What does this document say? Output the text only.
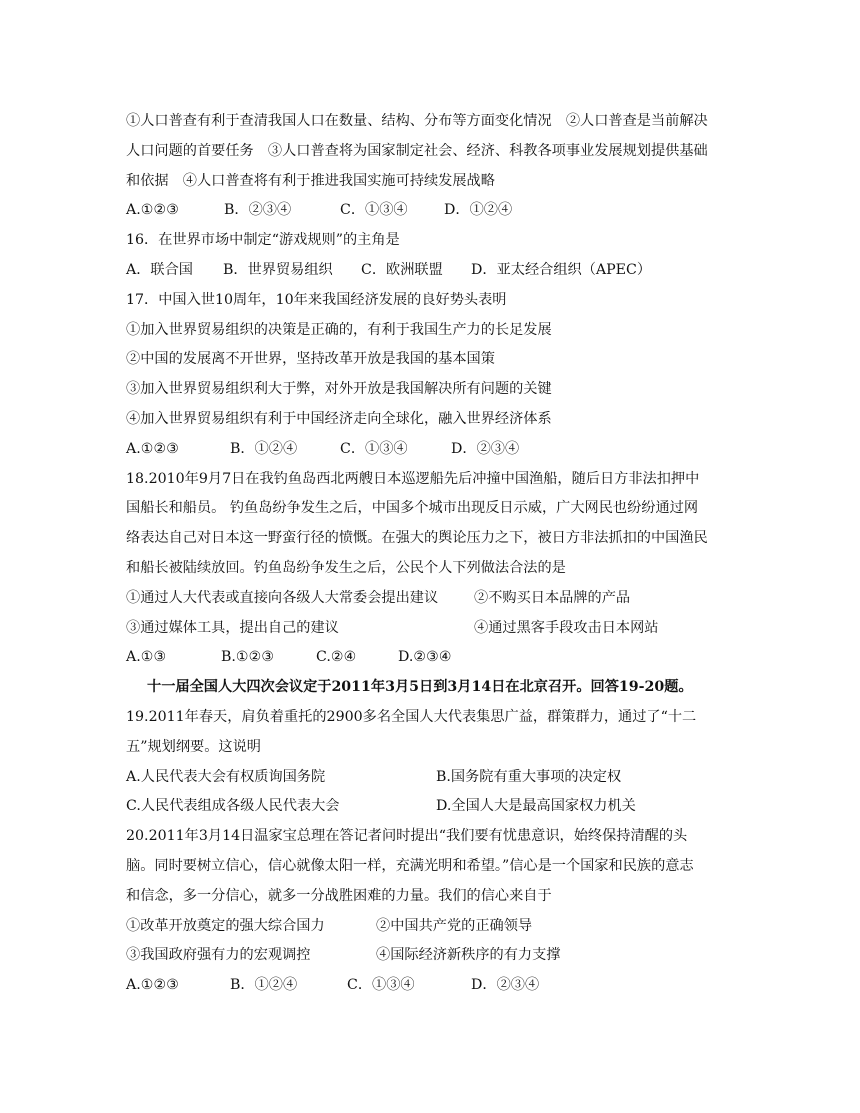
①人口普查有利于查清我国人口在数量、结构、分布等方面变化情况　②人口普查是当前解决
人口问题的首要任务　③人口普查将为国家制定社会、经济、科教各项事业发展规划提供基础
和依据　④人口普查将有利于推进我国实施可持续发展战略
A.①②③	B．②③④	C．①③④	D．①②④
16．在世界市场中制定“游戏规则”的主角是
A．联合国 B．世界贸易组织 C．欧洲联盟 D．亚太经合组织（APEC）
17．中国入世10周年，10年来我国经济发展的良好势头表明
①加入世界贸易组织的决策是正确的，有利于我国生产力的长足发展
②中国的发展离不开世界，坚持改革开放是我国的基本国策
③加入世界贸易组织利大于弊，对外开放是我国解决所有问题的关键
④加入世界贸易组织有利于中国经济走向全球化，融入世界经济体系
A.①②③	B．①②④	C．①③④	D．②③④
18.2010年9月7日在我钓鱼岛西北两艘日本巡逻船先后冲撞中国渔船，随后日方非法扣押中
国船长和船员。 钓鱼岛纷争发生之后，中国多个城市出现反日示威，广大网民也纷纷通过网
络表达自己对日本这一野蛮行径的愤慨。在强大的舆论压力之下，被日方非法抓扣的中国渔民
和船长被陆续放回。钓鱼岛纷争发生之后，公民个人下列做法合法的是
①通过人大代表或直接向各级人大常委会提出建议	②不购买日本品牌的产品
③通过媒体工具，提出自己的建议	④通过黑客手段攻击日本网站
A.①③	B.①②③	C.②④	D.②③④
十一届全国人大四次会议定于2011年3月5日到3月14日在北京召开。回答19-20题。
19.2011年春天，肩负着重托的2900多名全国人大代表集思广益，群策群力，通过了“十二
五”规划纲要。这说明
A.人民代表大会有权质询国务院	B.国务院有重大事项的决定权
C.人民代表组成各级人民代表大会	D.全国人大是最高国家权力机关
20.2011年3月14日温家宝总理在答记者问时提出“我们要有忧患意识，始终保持清醒的头
脑。同时要树立信心，信心就像太阳一样，充满光明和希望。”信心是一个国家和民族的意志
和信念，多一分信心，就多一分战胜困难的力量。我们的信心来自于
①改革开放奠定的强大综合国力	②中国共产党的正确领导
③我国政府强有力的宏观调控	④国际经济新秩序的有力支撑
A.①②③	B．①②④	C．①③④	D．②③④
